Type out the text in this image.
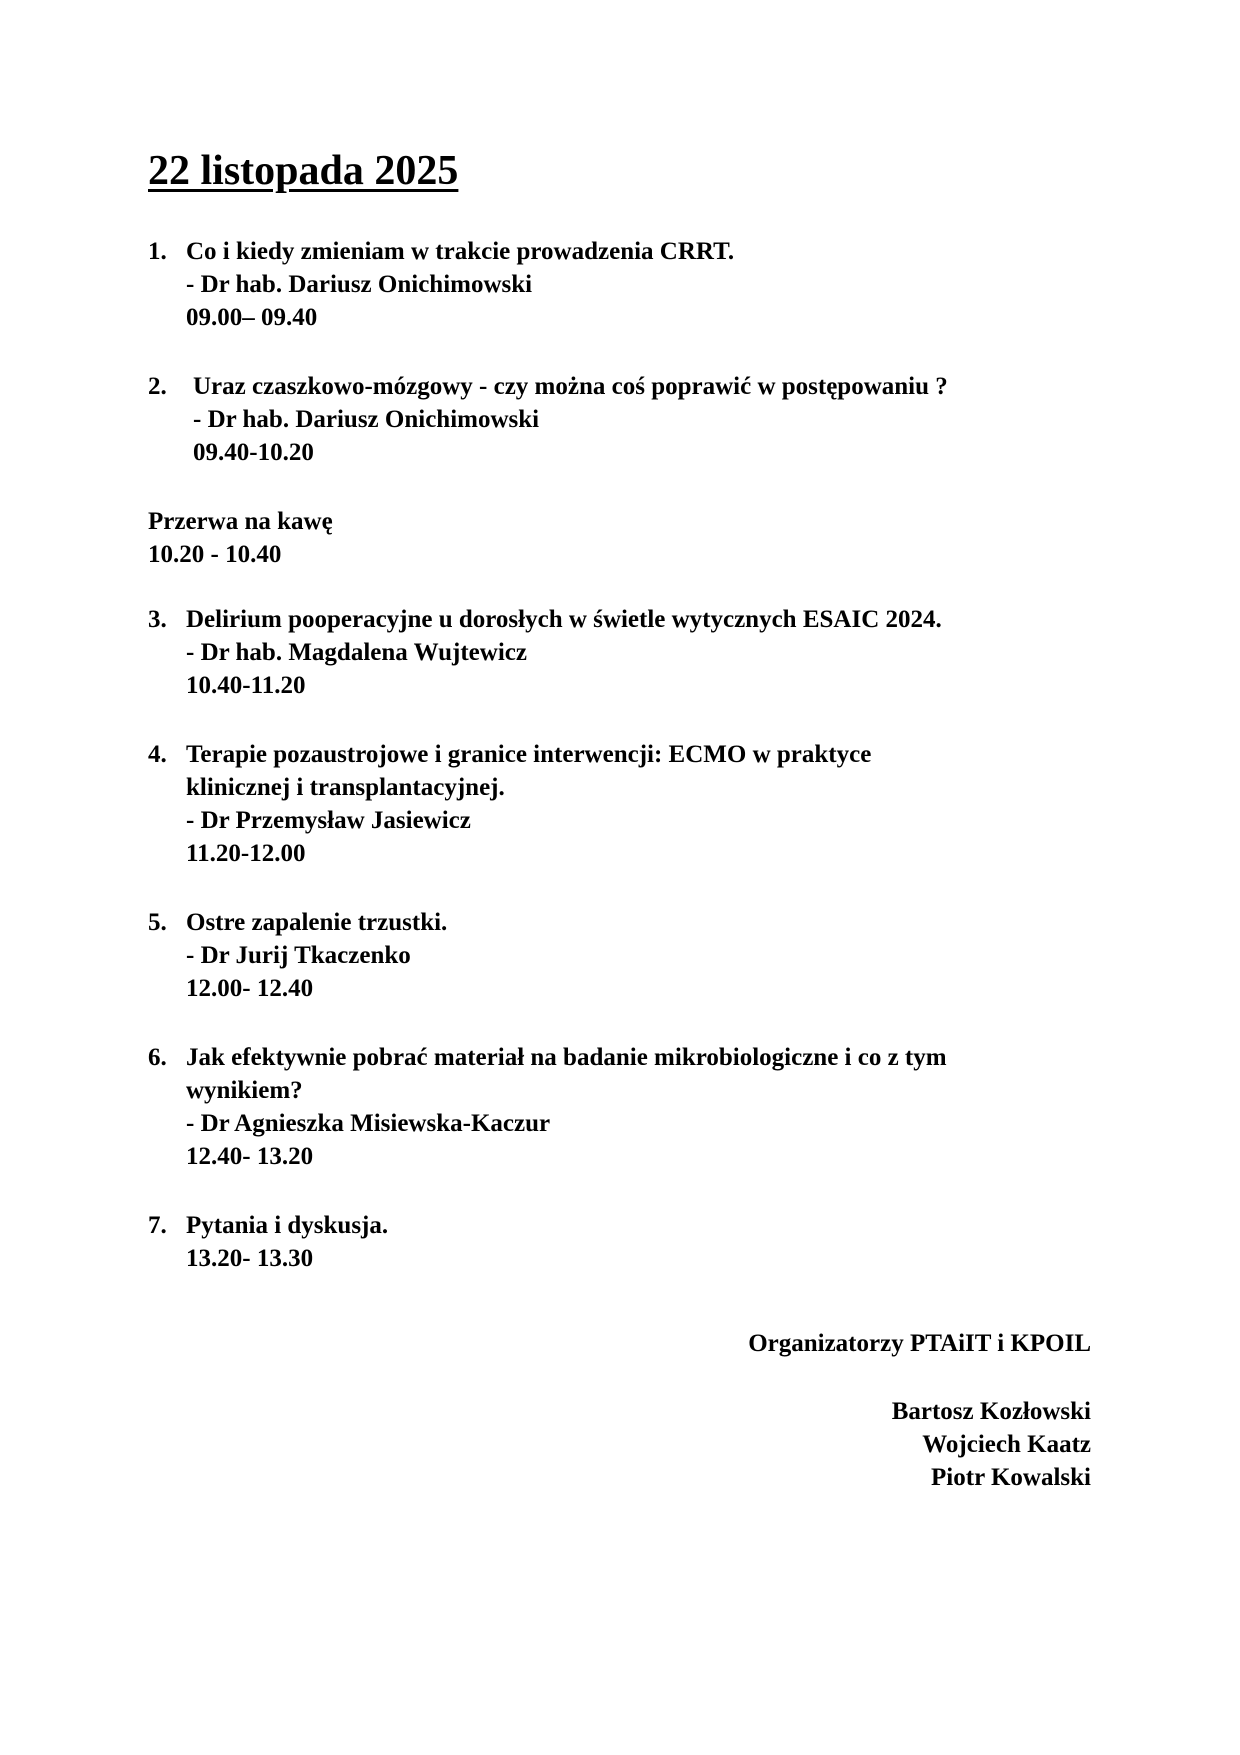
22 listopada 2025
1. Co i kiedy zmieniam w trakcie prowadzenia CRRT.
- Dr hab. Dariusz Onichimowski
09.00– 09.40
2. Uraz czaszkowo-mózgowy - czy można coś poprawić w postępowaniu ?
- Dr hab. Dariusz Onichimowski
09.40-10.20
Przerwa na kawę
10.20 - 10.40
3. Delirium pooperacyjne u dorosłych w świetle wytycznych ESAIC 2024.
- Dr hab. Magdalena Wujtewicz
10.40-11.20
4. Terapie pozaustrojowe i granice interwencji: ECMO w praktyce
klinicznej i transplantacyjnej.
- Dr Przemysław Jasiewicz
11.20-12.00
5. Ostre zapalenie trzustki.
- Dr Jurij Tkaczenko
12.00- 12.40
6. Jak efektywnie pobrać materiał na badanie mikrobiologiczne i co z tym
wynikiem?
- Dr Agnieszka Misiewska-Kaczur
12.40- 13.20
7. Pytania i dyskusja.
13.20- 13.30
Organizatorzy PTAiIT i KPOIL
Bartosz Kozłowski
Wojciech Kaatz
Piotr Kowalski
